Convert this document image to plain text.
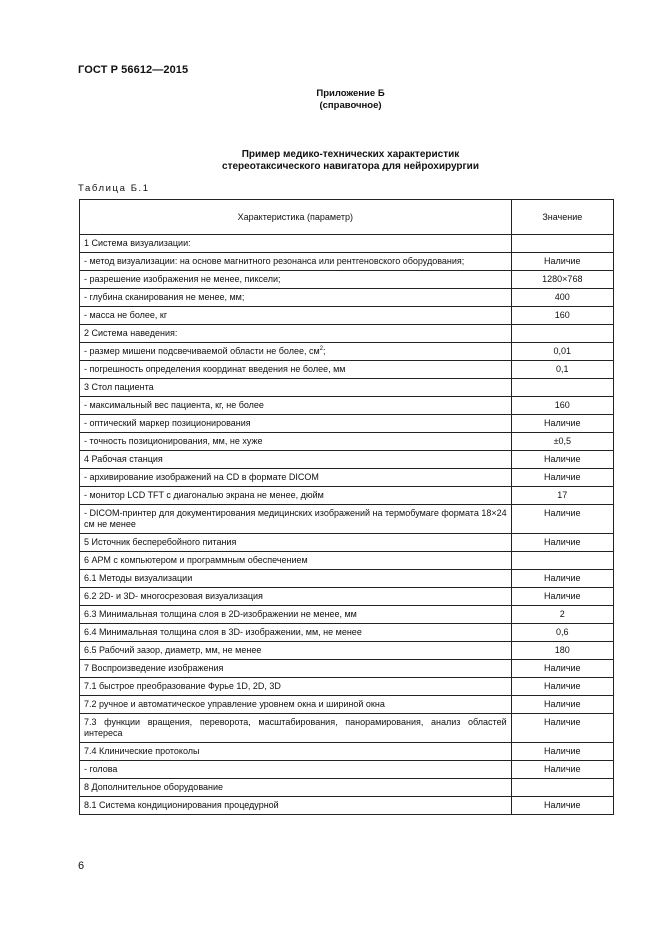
ГОСТ Р 56612—2015
Приложение Б
(справочное)
Пример медико-технических характеристик
стереотаксического навигатора для нейрохирургии
Таблица Б.1
Характеристика (параметр)	Значение
1 Система визуализации:	
- метод визуализации: на основе магнитного резонанса или рентгеновского оборудования;	Наличие
- разрешение изображения не менее, пиксели;	1280×768
- глубина сканирования не менее, мм;	400
- масса не более, кг	160
2 Система наведения:	
- размер мишени подсвечиваемой области не более, $см^2$;	0,01
- погрешность определения координат введения не более, мм	0,1
3 Стол пациента	
- максимальный вес пациента, кг, не более	160
- оптический маркер позиционирования	Наличие
- точность позиционирования, мм, не хуже	±0,5
4 Рабочая станция	Наличие
- архивирование изображений на CD в формате DICOM	Наличие
- монитор LCD TFT с диагональю экрана не менее, дюйм	17
- DICOM-принтер для документирования медицинских изображений на термобумаге формата 18×24 см не менее	Наличие
5 Источник бесперебойного питания	Наличие
6 АРМ с компьютером и программным обеспечением	
6.1 Методы визуализации	Наличие
6.2 2D- и 3D- многосрезовая визуализация	Наличие
6.3 Минимальная толщина слоя в 2D-изображении не менее, мм	2
6.4 Минимальная толщина слоя в 3D- изображении, мм, не менее	0,6
6.5 Рабочий зазор, диаметр, мм, не менее	180
7 Воспроизведение изображения	Наличие
7.1 быстрое преобразование Фурье 1D, 2D, 3D	Наличие
7.2 ручное и автоматическое управление уровнем окна и шириной окна	Наличие
7.3 функции вращения, переворота, масштабирования, панорамирования, анализ областей интереса	Наличие
7.4 Клинические протоколы	Наличие
- голова	Наличие
8 Дополнительное оборудование	
8.1 Система кондиционирования процедурной	Наличие
6
